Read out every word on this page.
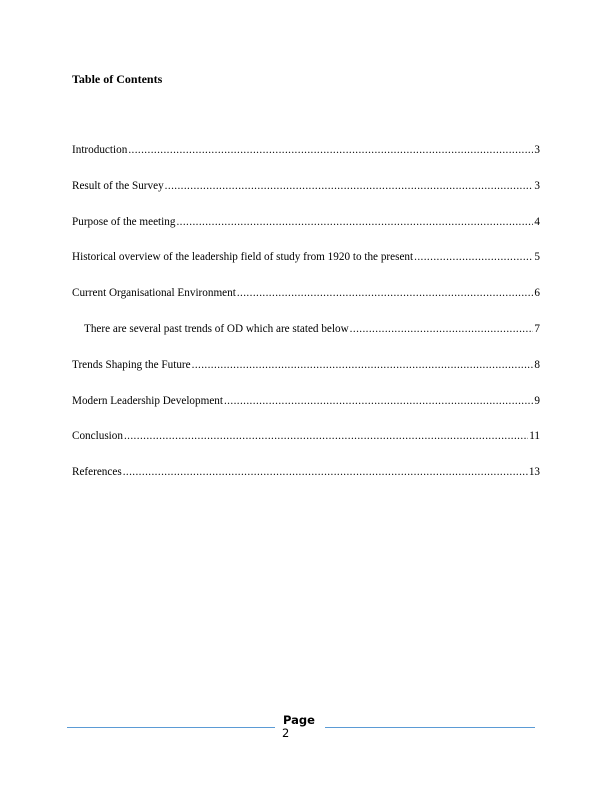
Table of Contents
Introduction .....	3
Result of the Survey .....	3
Purpose of the meeting .....	4
Historical overview of the leadership field of study from 1920 to the present .....	5
Current Organisational Environment .....	6
There are several past trends of OD which are stated below .....	7
Trends Shaping the Future .....	8
Modern Leadership Development .....	9
Conclusion .....	11
References .....	13
Page
2
